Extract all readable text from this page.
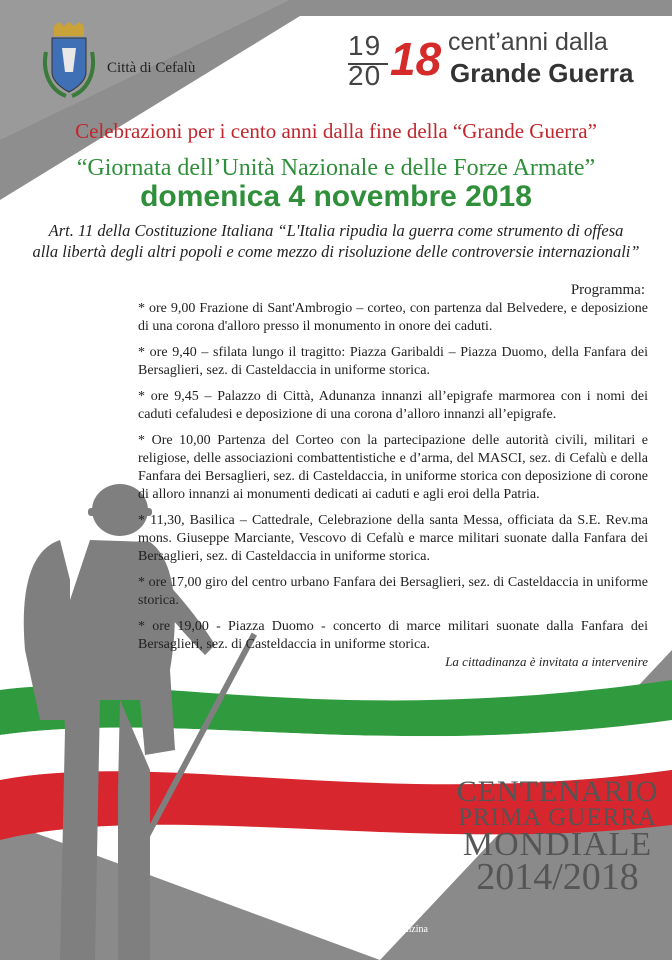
Città di Cefalù
19
20 18 cent’anni dalla
Grande Guerra
Celebrazioni per i cento anni dalla fine della “Grande Guerra”
“Giornata dell’Unità Nazionale e delle Forze Armate”
domenica 4 novembre 2018
Art. 11 della Costituzione Italiana “L'Italia ripudia la guerra come strumento di offesa
alla libertà degli altri popoli e come mezzo di risoluzione delle controversie internazionali”
Programma:
* ore 9,00 Frazione di Sant'Ambrogio – corteo, con partenza dal Belvedere, e deposizione di una corona d'alloro presso il monumento in onore dei caduti.
* ore 9,40 – sfilata lungo il tragitto: Piazza Garibaldi – Piazza Duomo, della Fanfara dei Bersaglieri, sez. di Casteldaccia in uniforme storica.
* ore 9,45 – Palazzo di Città, Adunanza innanzi all’epigrafe marmorea con i nomi dei caduti cefaludesi e deposizione di una corona d’alloro innanzi all’epigrafe.
* Ore 10,00 Partenza del Corteo con la partecipazione delle autorità civili, militari e religiose, delle associazioni combattentistiche e d’arma, del MASCI, sez. di Cefalù e della Fanfara dei Bersaglieri, sez. di Casteldaccia, in uniforme storica con deposizione di corone di alloro innanzi ai monumenti dedicati ai caduti e agli eroi della Patria.
* 11,30, Basilica – Cattedrale, Celebrazione della santa Messa, officiata da S.E. Rev.ma mons. Giuseppe Marciante, Vescovo di Cefalù e marce militari suonate dalla Fanfara dei Bersaglieri, sez. di Casteldaccia in uniforme storica.
* ore 17,00 giro del centro urbano Fanfara dei Bersaglieri, sez. di Casteldaccia in uniforme storica.
* ore 19,00 - Piazza Duomo - concerto di marce militari suonate dalla Fanfara dei Bersaglieri, sez. di Casteldaccia in uniforme storica.
La cittadinanza è invitata a intervenire
CENTENARIO
PRIMA GUERRA
MONDIALE
2014/2018
Il Sindaco
Rosario Lapunzina
